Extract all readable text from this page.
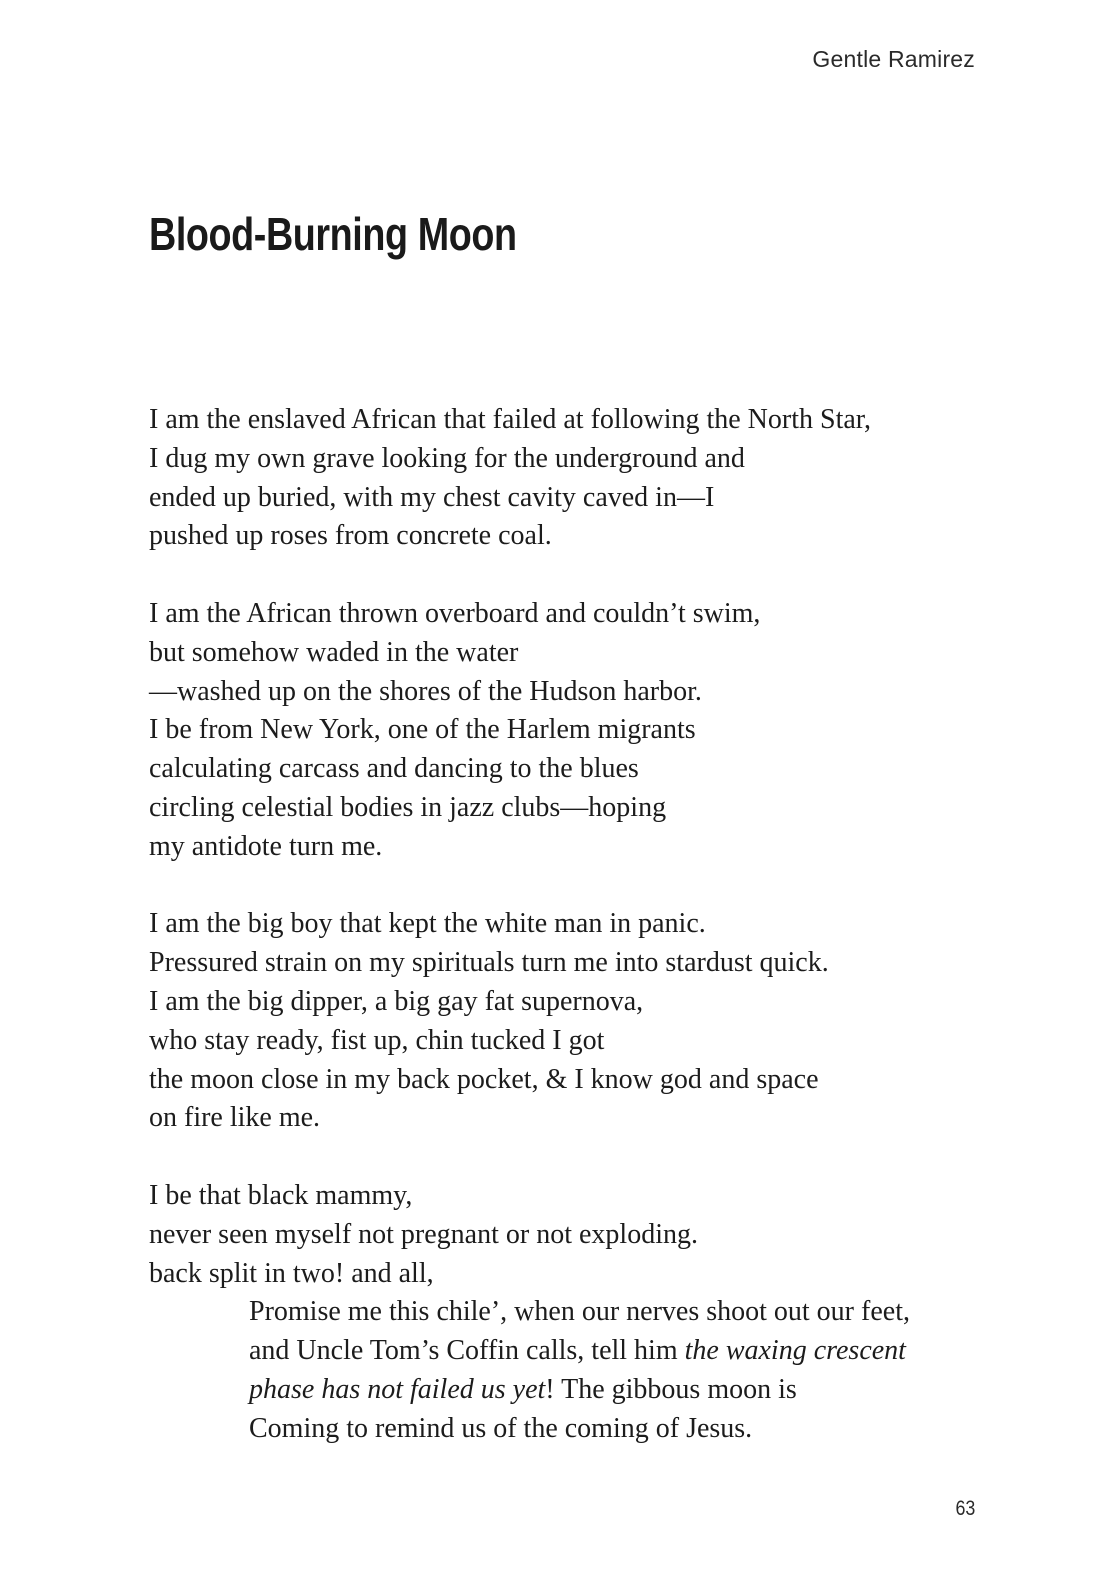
Gentle Ramirez
Blood-Burning Moon
I am the enslaved African that failed at following the North Star,
I dug my own grave looking for the underground and
ended up buried, with my chest cavity caved in—I
pushed up roses from concrete coal.
I am the African thrown overboard and couldn’t swim,
but somehow waded in the water
—washed up on the shores of the Hudson harbor.
I be from New York, one of the Harlem migrants
calculating carcass and dancing to the blues
circling celestial bodies in jazz clubs—hoping
my antidote turn me.
I am the big boy that kept the white man in panic.
Pressured strain on my spirituals turn me into stardust quick.
I am the big dipper, a big gay fat supernova,
who stay ready, fist up, chin tucked I got
the moon close in my back pocket, & I know god and space
on fire like me.
I be that black mammy,
never seen myself not pregnant or not exploding.
back split in two! and all,
Promise me this chile’, when our nerves shoot out our feet,
and Uncle Tom’s Coffin calls, tell him the waxing crescent
phase has not failed us yet! The gibbous moon is
Coming to remind us of the coming of Jesus.
63
